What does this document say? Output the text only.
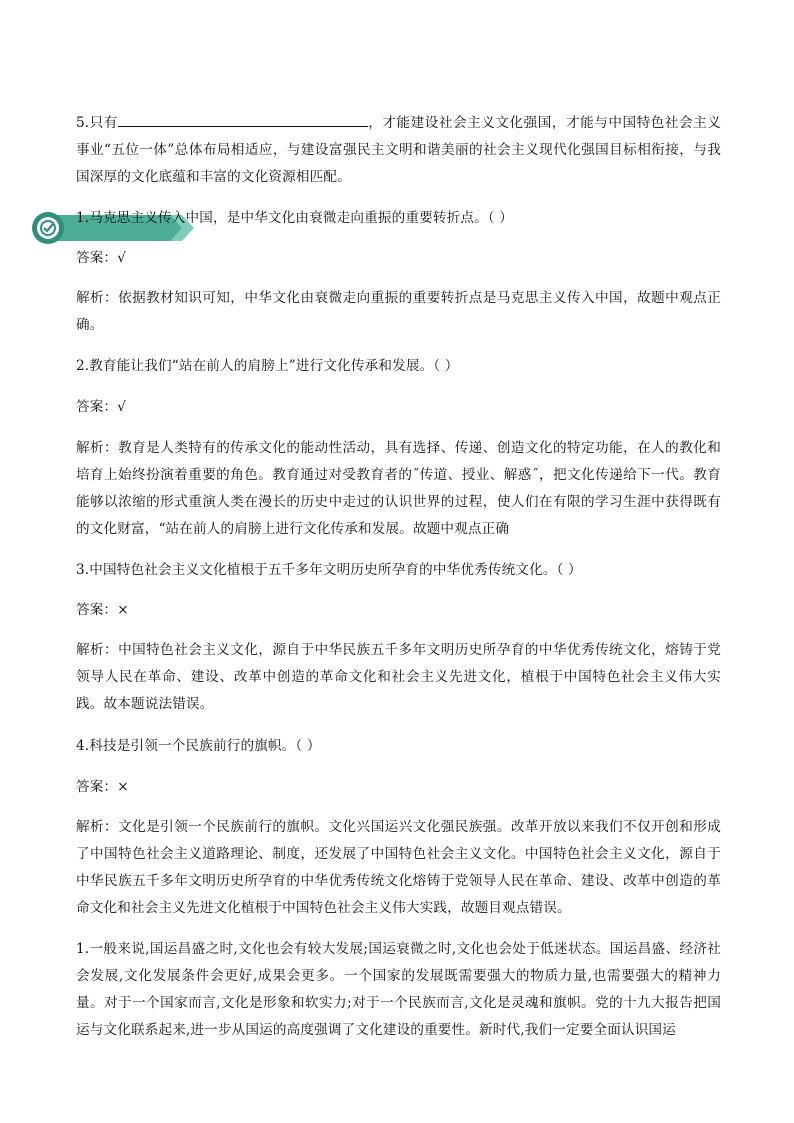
5.只有	，才能建设社会主义文化强国，才能与中国特色社会主义事业“五位一体”总体布局相适应，与建设富强民主文明和谐美丽的社会主义现代化强国目标相衔接，与我国深厚的文化底蕴和丰富的文化资源相匹配。

1.马克思主义传入中国，是中华文化由衰微走向重振的重要转折点。（ ）

答案：√

解析：依据教材知识可知，中华文化由衰微走向重振的重要转折点是马克思主义传入中国，故题中观点正确。

2.教育能让我们“站在前人的肩膀上”进行文化传承和发展。（ ）

答案：√

解析：教育是人类特有的传承文化的能动性活动，具有选择、传递、创造文化的特定功能，在人的教化和培育上始终扮演着重要的角色。教育通过对受教育者的˝传道、授业、解惑˝，把文化传递给下一代。教育能够以浓缩的形式重演人类在漫长的历史中走过的认识世界的过程，使人们在有限的学习生涯中获得既有的文化财富，“站在前人的肩膀上进行文化传承和发展。故题中观点正确

3.中国特色社会主义文化植根于五千多年文明历史所孕育的中华优秀传统文化。（ ）

答案：×

解析：中国特色社会主义文化，源自于中华民族五千多年文明历史所孕育的中华优秀传统文化，熔铸于党领导人民在革命、建设、改革中创造的革命文化和社会主义先进文化，植根于中国特色社会主义伟大实践。故本题说法错误。

4.科技是引领一个民族前行的旗帜。（ ）

答案：×

解析：文化是引领一个民族前行的旗帜。文化兴国运兴文化强民族强。改革开放以来我们不仅开创和形成了中国特色社会主义道路理论、制度，还发展了中国特色社会主义文化。中国特色社会主义文化，源自于中华民族五千多年文明历史所孕育的中华优秀传统文化熔铸于党领导人民在革命、建设、改革中创造的革命文化和社会主义先进文化植根于中国特色社会主义伟大实践，故题目观点错误。

1.一般来说,国运昌盛之时,文化也会有较大发展;国运衰微之时,文化也会处于低迷状态。国运昌盛、经济社会发展,文化发展条件会更好,成果会更多。一个国家的发展既需要强大的物质力量,也需要强大的精神力量。对于一个国家而言,文化是形象和软实力;对于一个民族而言,文化是灵魂和旗帜。党的十九大报告把国运与文化联系起来,进一步从国运的高度强调了文化建设的重要性。新时代,我们一定要全面认识国运
